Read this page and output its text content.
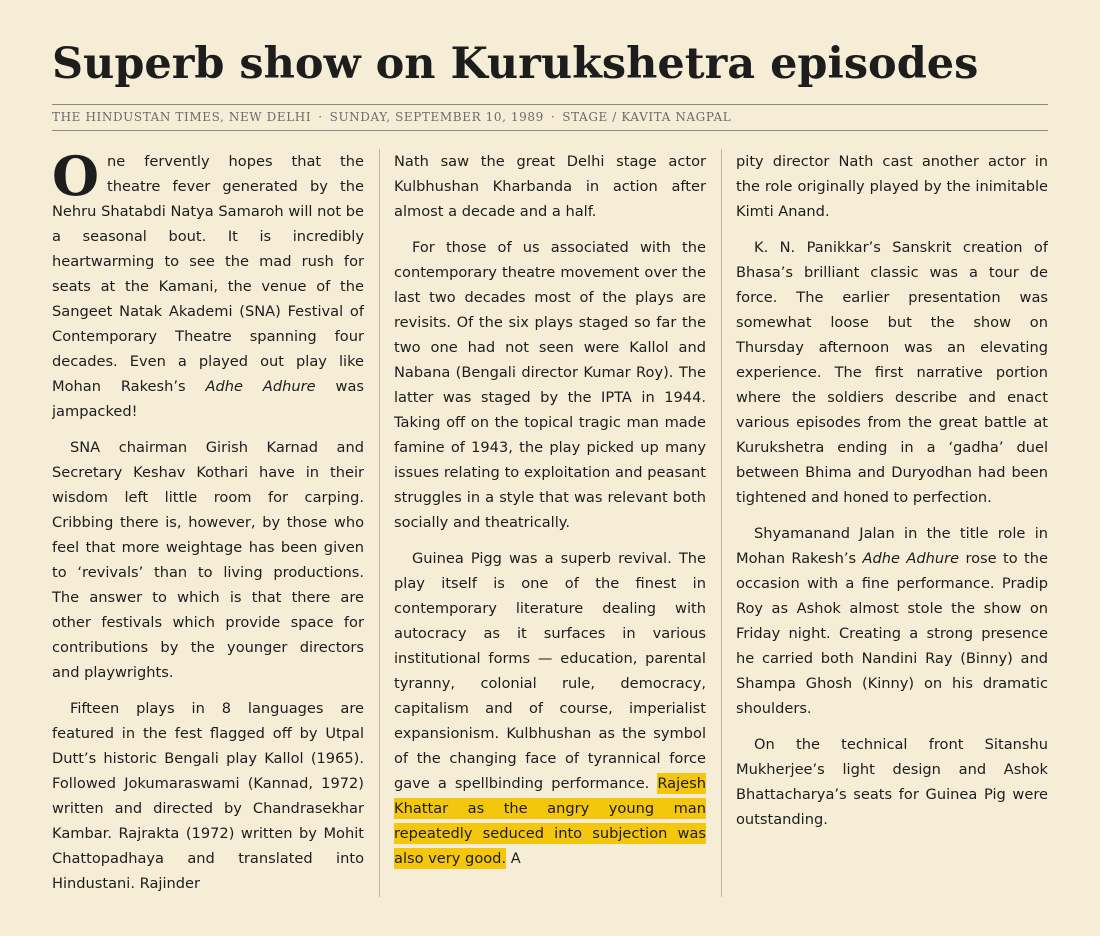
Superb show on Kurukshetra episodes
THE HINDUSTAN TIMES, NEW DELHI · SUNDAY, SEPTEMBER 10, 1989 · STAGE / KAVITA NAGPAL

One fervently hopes that the theatre fever generated by the Nehru Shatabdi Natya Samaroh will not be a seasonal bout. It is incredibly heartwarming to see the mad rush for seats at the Kamani, the venue of the Sangeet Natak Akademi (SNA) Festival of Contemporary Theatre spanning four decades. Even a played out play like Mohan Rakesh’s Adhe Adhure was jampacked!

SNA chairman Girish Karnad and Secretary Keshav Kothari have in their wisdom left little room for carping. Cribbing there is, however, by those who feel that more weightage has been given to ‘revivals’ than to living productions. The answer to which is that there are other festivals which provide space for contributions by the younger directors and playwrights.

Fifteen plays in 8 languages are featured in the fest flagged off by Utpal Dutt’s historic Bengali play Kallol (1965). Followed Jokumaraswami (Kannad, 1972) written and directed by Chandrasekhar Kambar. Rajrakta (1972) written by Mohit Chattopadhaya and translated into Hindustani. Rajinder

Nath saw the great Delhi stage actor Kulbhushan Kharbanda in action after almost a decade and a half.

For those of us associated with the contemporary theatre movement over the last two decades most of the plays are revisits. Of the six plays staged so far the two one had not seen were Kallol and Nabana (Bengali director Kumar Roy). The latter was staged by the IPTA in 1944. Taking off on the topical tragic man made famine of 1943, the play picked up many issues relating to exploitation and peasant struggles in a style that was relevant both socially and theatrically.

Guinea Pigg was a superb revival. The play itself is one of the finest in contemporary literature dealing with autocracy as it surfaces in various institutional forms — education, parental tyranny, colonial rule, democracy, capitalism and of course, imperialist expansionism. Kulbhushan as the symbol of the changing face of tyrannical force gave a spellbinding performance. Rajesh Khattar as the angry young man repeatedly seduced into subjection was also very good. A

pity director Nath cast another actor in the role originally played by the inimitable Kimti Anand.

K. N. Panikkar’s Sanskrit creation of Bhasa’s brilliant classic was a tour de force. The earlier presentation was somewhat loose but the show on Thursday afternoon was an elevating experience. The first narrative portion where the soldiers describe and enact various episodes from the great battle at Kurukshetra ending in a ‘gadha’ duel between Bhima and Duryodhan had been tightened and honed to perfection.

Shyamanand Jalan in the title role in Mohan Rakesh’s Adhe Adhure rose to the occasion with a fine performance. Pradip Roy as Ashok almost stole the show on Friday night. Creating a strong presence he carried both Nandini Ray (Binny) and Shampa Ghosh (Kinny) on his dramatic shoulders.

On the technical front Sitanshu Mukherjee’s light design and Ashok Bhattacharya’s seats for Guinea Pig were outstanding.
